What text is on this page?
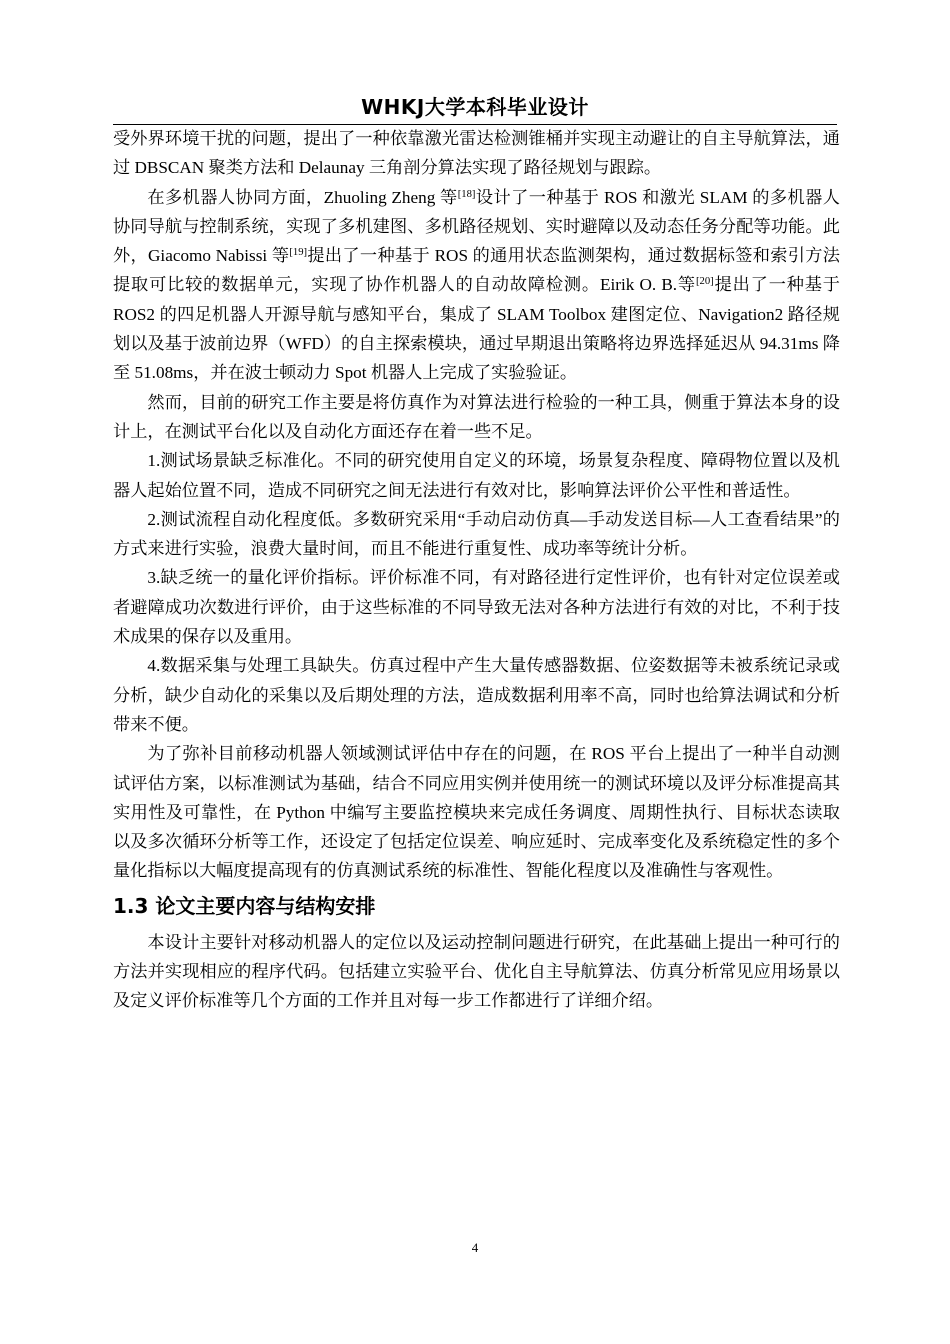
WHKJ大学本科毕业设计

受外界环境干扰的问题，提出了一种依靠激光雷达检测锥桶并实现主动避让的自主导航算法，通过 DBSCAN 聚类方法和 Delaunay 三角剖分算法实现了路径规划与跟踪。

在多机器人协同方面，Zhuoling Zheng 等[18]设计了一种基于 ROS 和激光 SLAM 的多机器人协同导航与控制系统，实现了多机建图、多机路径规划、实时避障以及动态任务分配等功能。此外，Giacomo Nabissi 等[19]提出了一种基于 ROS 的通用状态监测架构，通过数据标签和索引方法提取可比较的数据单元，实现了协作机器人的自动故障检测。Eirik O. B.等[20]提出了一种基于 ROS2 的四足机器人开源导航与感知平台，集成了 SLAM Toolbox 建图定位、Navigation2 路径规划以及基于波前边界（WFD）的自主探索模块，通过早期退出策略将边界选择延迟从 94.31ms 降至 51.08ms，并在波士顿动力 Spot 机器人上完成了实验验证。

然而，目前的研究工作主要是将仿真作为对算法进行检验的一种工具，侧重于算法本身的设计上，在测试平台化以及自动化方面还存在着一些不足。

1.测试场景缺乏标准化。不同的研究使用自定义的环境，场景复杂程度、障碍物位置以及机器人起始位置不同，造成不同研究之间无法进行有效对比，影响算法评价公平性和普适性。

2.测试流程自动化程度低。多数研究采用“手动启动仿真—手动发送目标—人工查看结果”的方式来进行实验，浪费大量时间，而且不能进行重复性、成功率等统计分析。

3.缺乏统一的量化评价指标。评价标准不同，有对路径进行定性评价，也有针对定位误差或者避障成功次数进行评价，由于这些标准的不同导致无法对各种方法进行有效的对比，不利于技术成果的保存以及重用。

4.数据采集与处理工具缺失。仿真过程中产生大量传感器数据、位姿数据等未被系统记录或分析，缺少自动化的采集以及后期处理的方法，造成数据利用率不高，同时也给算法调试和分析带来不便。

为了弥补目前移动机器人领域测试评估中存在的问题，在 ROS 平台上提出了一种半自动测试评估方案，以标准测试为基础，结合不同应用实例并使用统一的测试环境以及评分标准提高其实用性及可靠性，在 Python 中编写主要监控模块来完成任务调度、周期性执行、目标状态读取以及多次循环分析等工作，还设定了包括定位误差、响应延时、完成率变化及系统稳定性的多个量化指标以大幅度提高现有的仿真测试系统的标准性、智能化程度以及准确性与客观性。

1.3 论文主要内容与结构安排

本设计主要针对移动机器人的定位以及运动控制问题进行研究，在此基础上提出一种可行的方法并实现相应的程序代码。包括建立实验平台、优化自主导航算法、仿真分析常见应用场景以及定义评价标准等几个方面的工作并且对每一步工作都进行了详细介绍。

4
